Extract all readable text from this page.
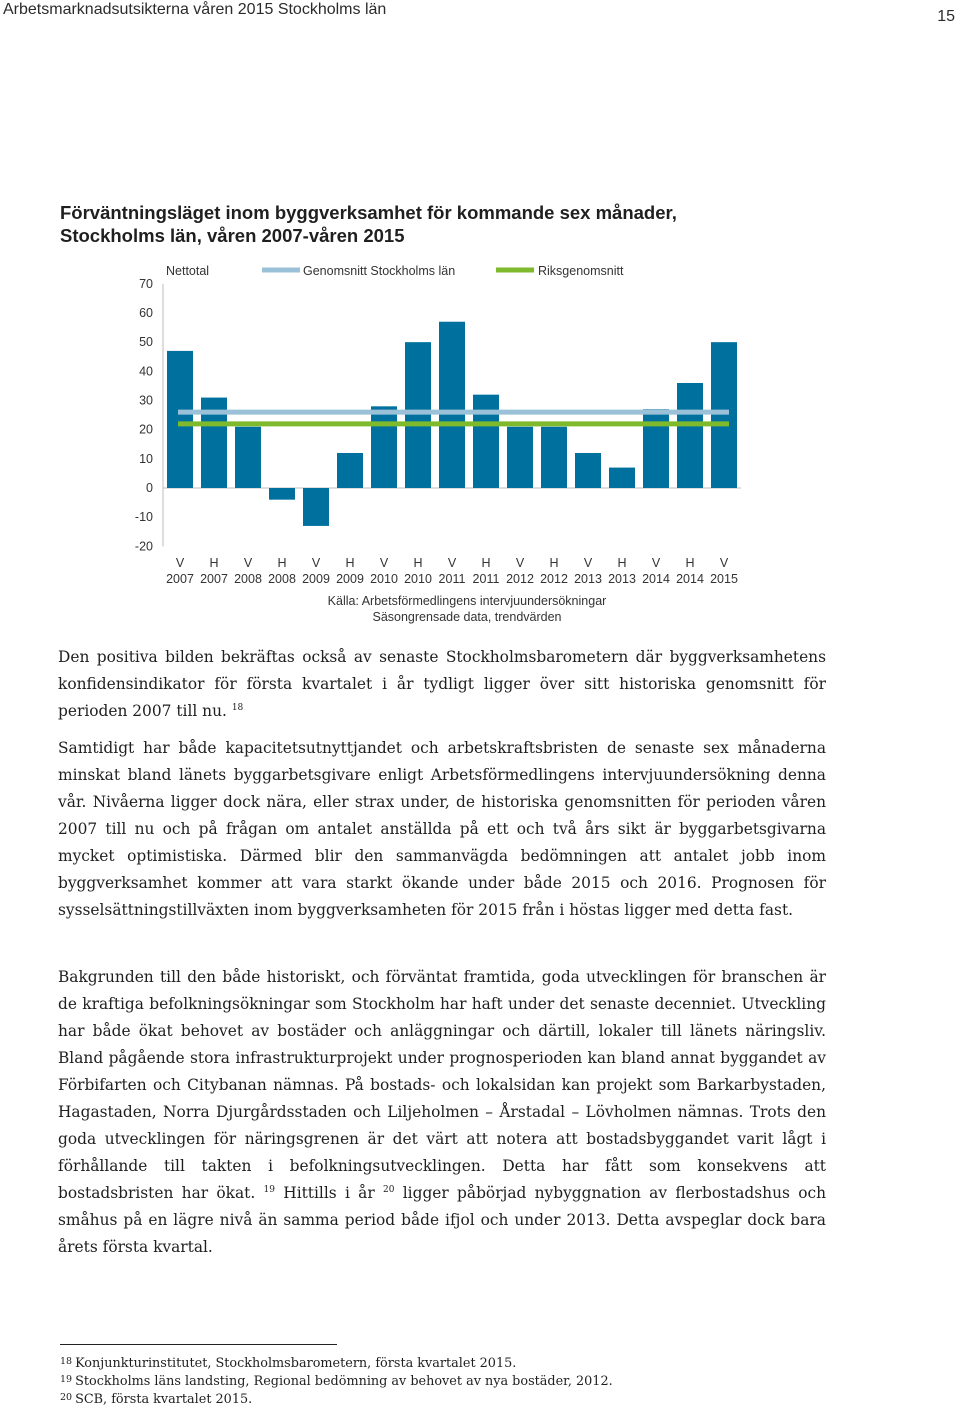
Arbetsmarknadsutsikterna våren 2015 Stockholms län	15
Förväntningsläget inom byggverksamhet för kommande sex månader,
Stockholms län, våren 2007-våren 2015
-20
-10
0
10
20
30
40
50
60
70
Nettotal	Genomsnitt Stockholms län	Riksgenomsnitt
V
2007
H
2007
V
2008
H
2008
V
2009
H
2009
V
2010
H
2010
V
2011
H
2011
V
2012
H
2012
V
2013
H
2013
V
2014
H
2014
V
2015
Källa: Arbetsförmedlingens intervjuundersökningar
Säsongrensade data, trendvärden

Den positiva bilden bekräftas också av senaste Stockholmsbarometern där byggverksamhetens konfidensindikator för första kvartalet i år tydligt ligger över sitt historiska genomsnitt för perioden 2007 till nu. $^{18}$

Samtidigt har både kapacitetsutnyttjandet och arbetskraftsbristen de senaste sex månaderna minskat bland länets byggarbetsgivare enligt Arbetsförmedlingens intervjuundersökning denna vår. Nivåerna ligger dock nära, eller strax under, de historiska genomsnitten för perioden våren 2007 till nu och på frågan om antalet anställda på ett och två års sikt är byggarbetsgivarna mycket optimistiska. Därmed blir den sammanvägda bedömningen att antalet jobb inom byggverksamhet kommer att vara starkt ökande under både 2015 och 2016. Prognosen för sysselsättningstillväxten inom byggverksamheten för 2015 från i höstas ligger med detta fast.

Bakgrunden till den både historiskt, och förväntat framtida, goda utvecklingen för branschen är de kraftiga befolkningsökningar som Stockholm har haft under det senaste decenniet. Utveckling har både ökat behovet av bostäder och anläggningar och därtill, lokaler till länets näringsliv. Bland pågående stora infrastrukturprojekt under prognosperioden kan bland annat byggandet av Förbifarten och Citybanan nämnas. På bostads- och lokalsidan kan projekt som Barkarbystaden, Hagastaden, Norra Djurgårdsstaden och Liljeholmen – Årstadal – Lövholmen nämnas. Trots den goda utvecklingen för näringsgrenen är det värt att notera att bostadsbyggandet varit lågt i förhållande till takten i befolkningsutvecklingen. Detta har fått som konsekvens att bostadsbristen har ökat. $^{19}$ Hittills i år $^{20}$ ligger påbörjad nybyggnation av flerbostadshus och småhus på en lägre nivå än samma period både ifjol och under 2013. Detta avspeglar dock bara årets första kvartal.

$^{18}$ Konjunkturinstitutet, Stockholmsbarometern, första kvartalet 2015.
$^{19}$ Stockholms läns landsting, Regional bedömning av behovet av nya bostäder, 2012.
$^{20}$ SCB, första kvartalet 2015.
